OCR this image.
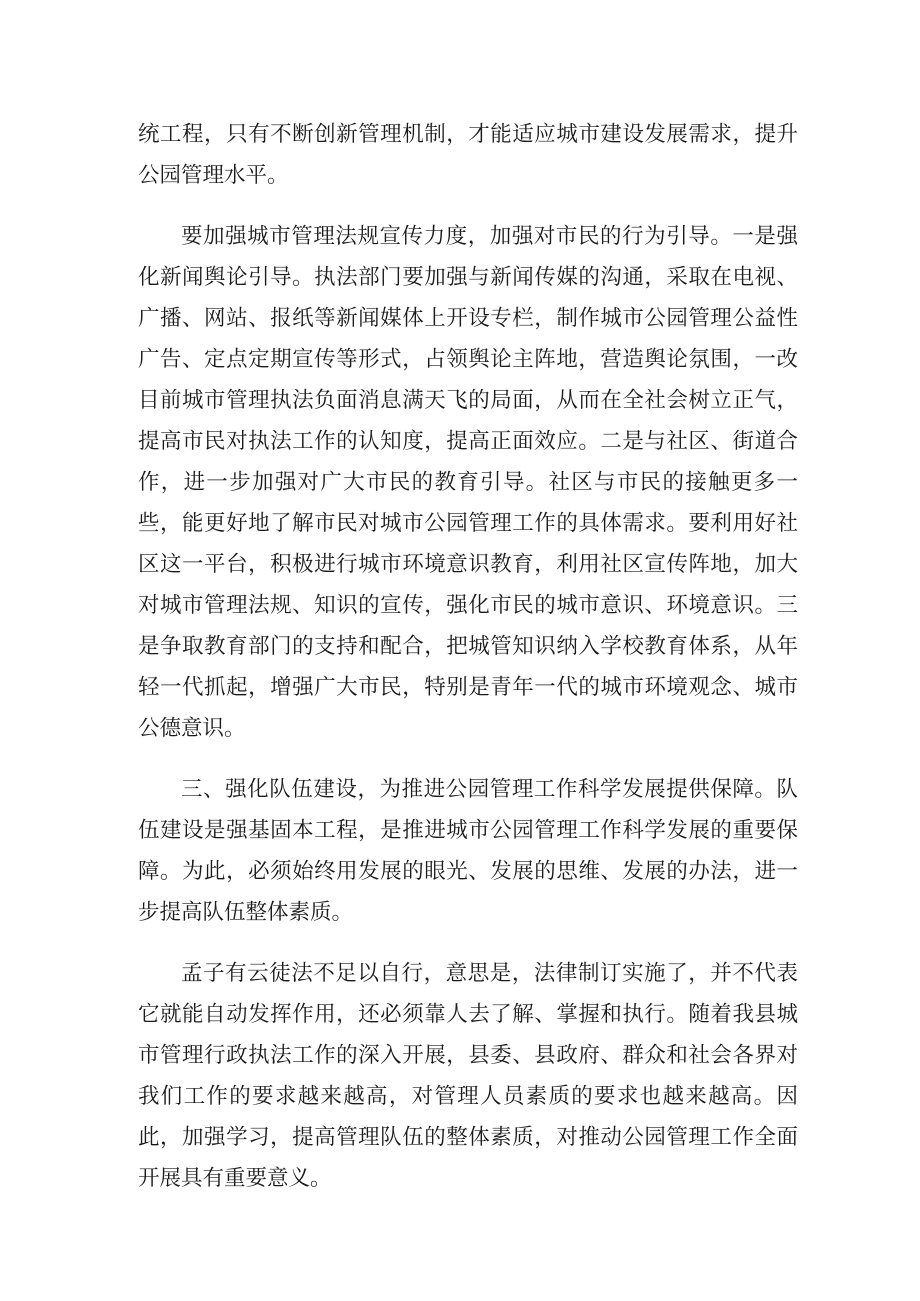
统工程，只有不断创新管理机制，才能适应城市建设发展需求，提升公园管理水平。

要加强城市管理法规宣传力度，加强对市民的行为引导。一是强化新闻舆论引导。执法部门要加强与新闻传媒的沟通，采取在电视、广播、网站、报纸等新闻媒体上开设专栏，制作城市公园管理公益性广告、定点定期宣传等形式，占领舆论主阵地，营造舆论氛围，一改目前城市管理执法负面消息满天飞的局面，从而在全社会树立正气，提高市民对执法工作的认知度，提高正面效应。二是与社区、街道合作，进一步加强对广大市民的教育引导。社区与市民的接触更多一些，能更好地了解市民对城市公园管理工作的具体需求。要利用好社区这一平台，积极进行城市环境意识教育，利用社区宣传阵地，加大对城市管理法规、知识的宣传，强化市民的城市意识、环境意识。三是争取教育部门的支持和配合，把城管知识纳入学校教育体系，从年轻一代抓起，增强广大市民，特别是青年一代的城市环境观念、城市公德意识。

三、强化队伍建设，为推进公园管理工作科学发展提供保障。队伍建设是强基固本工程，是推进城市公园管理工作科学发展的重要保障。为此，必须始终用发展的眼光、发展的思维、发展的办法，进一步提高队伍整体素质。

孟子有云徒法不足以自行，意思是，法律制订实施了，并不代表它就能自动发挥作用，还必须靠人去了解、掌握和执行。随着我县城市管理行政执法工作的深入开展，县委、县政府、群众和社会各界对我们工作的要求越来越高，对管理人员素质的要求也越来越高。因此，加强学习，提高管理队伍的整体素质，对推动公园管理工作全面开展具有重要意义。
